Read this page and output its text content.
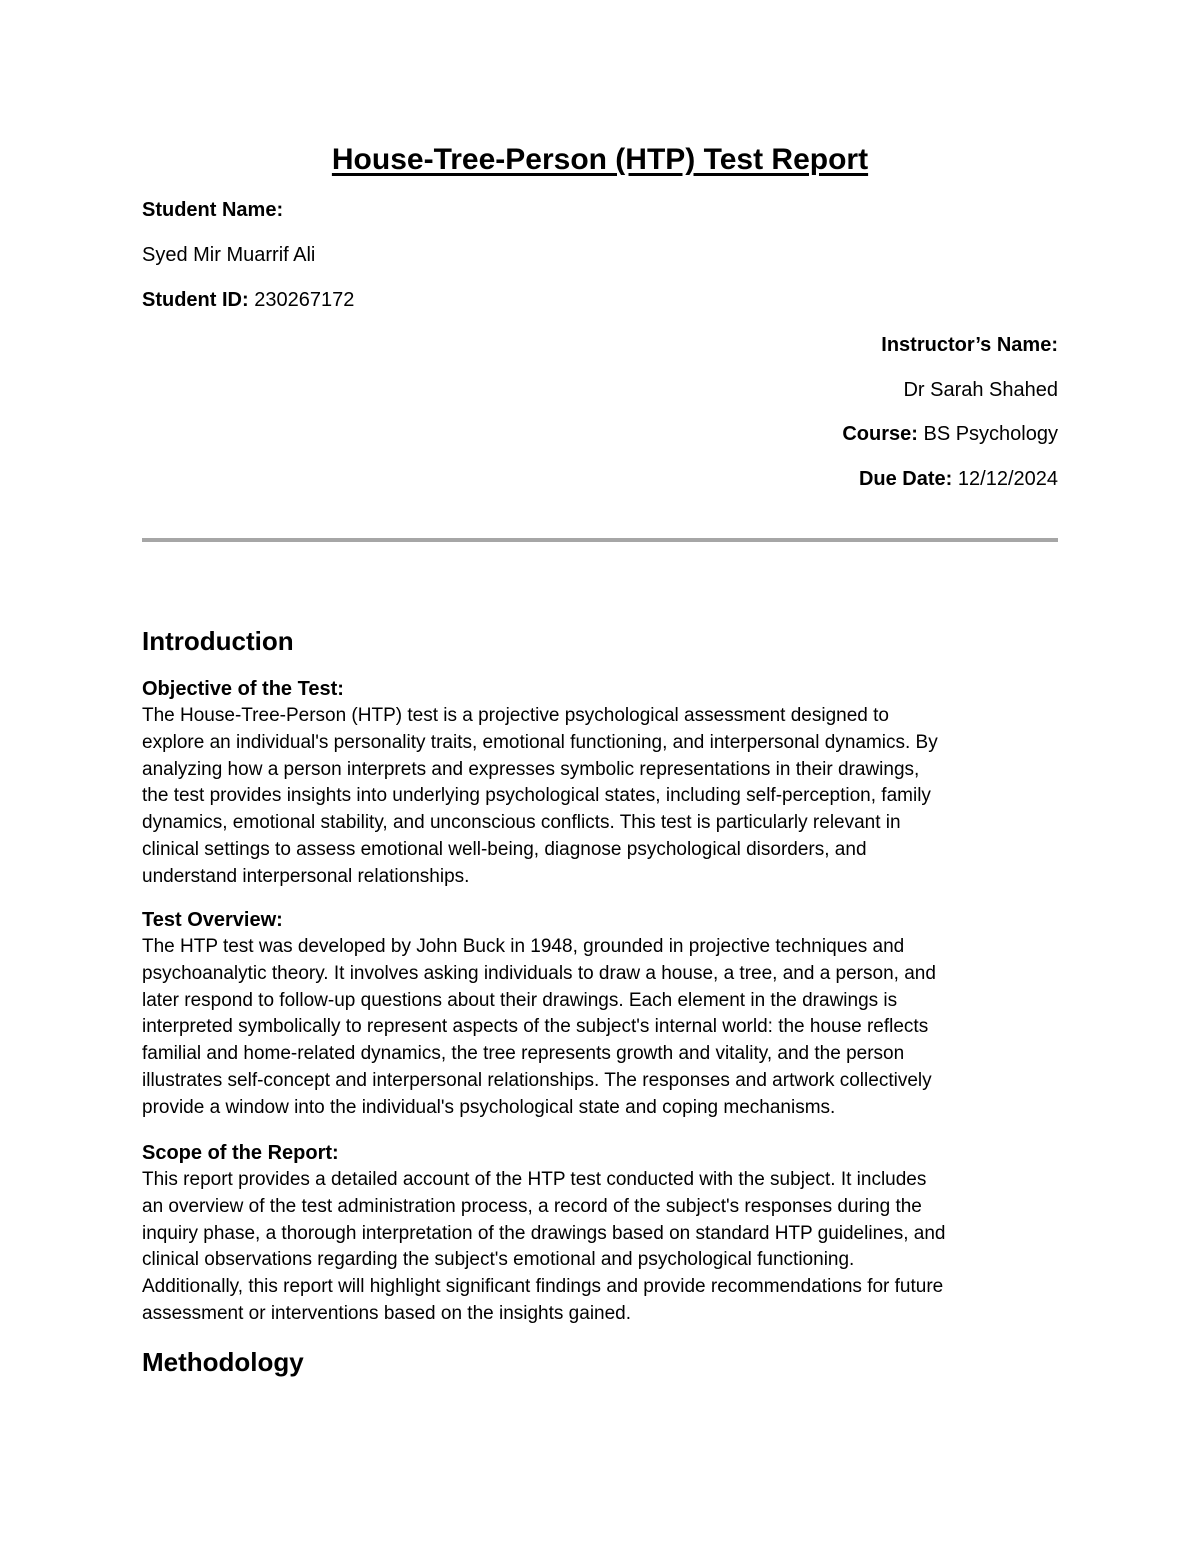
House-Tree-Person (HTP) Test Report
Student Name:
Syed Mir Muarrif Ali
Student ID: 230267172
Instructor’s Name:
Dr Sarah Shahed
Course: BS Psychology
Due Date: 12/12/2024
Introduction
Objective of the Test:
The House-Tree-Person (HTP) test is a projective psychological assessment designed to
explore an individual's personality traits, emotional functioning, and interpersonal dynamics. By
analyzing how a person interprets and expresses symbolic representations in their drawings,
the test provides insights into underlying psychological states, including self-perception, family
dynamics, emotional stability, and unconscious conflicts. This test is particularly relevant in
clinical settings to assess emotional well-being, diagnose psychological disorders, and
understand interpersonal relationships.
Test Overview:
The HTP test was developed by John Buck in 1948, grounded in projective techniques and
psychoanalytic theory. It involves asking individuals to draw a house, a tree, and a person, and
later respond to follow-up questions about their drawings. Each element in the drawings is
interpreted symbolically to represent aspects of the subject's internal world: the house reflects
familial and home-related dynamics, the tree represents growth and vitality, and the person
illustrates self-concept and interpersonal relationships. The responses and artwork collectively
provide a window into the individual's psychological state and coping mechanisms.
Scope of the Report:
This report provides a detailed account of the HTP test conducted with the subject. It includes
an overview of the test administration process, a record of the subject's responses during the
inquiry phase, a thorough interpretation of the drawings based on standard HTP guidelines, and
clinical observations regarding the subject's emotional and psychological functioning.
Additionally, this report will highlight significant findings and provide recommendations for future
assessment or interventions based on the insights gained.
Methodology
